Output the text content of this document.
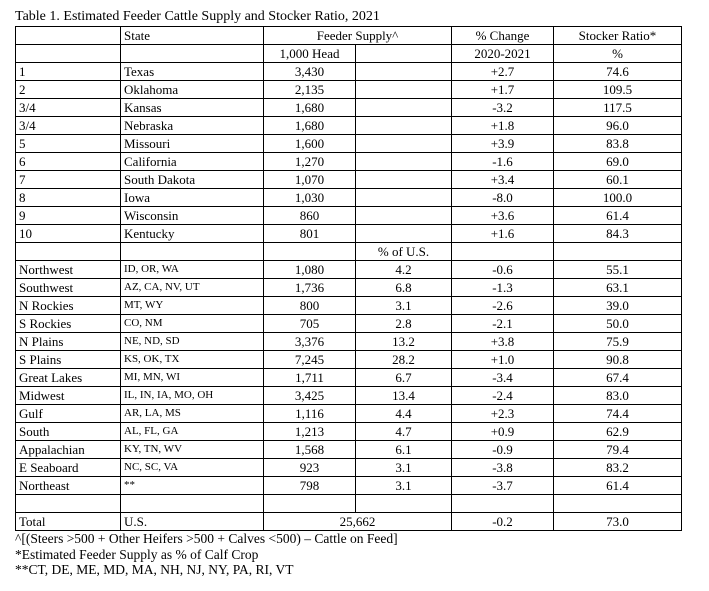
Table 1. Estimated Feeder Cattle Supply and Stocker Ratio, 2021
	State	Feeder Supply^		% Change	Stocker Ratio*
		1,000 Head		2020-2021	%
1	Texas	3,430		+2.7	74.6
2	Oklahoma	2,135		+1.7	109.5
3/4	Kansas	1,680		-3.2	117.5
3/4	Nebraska	1,680		+1.8	96.0
5	Missouri	1,600		+3.9	83.8
6	California	1,270		-1.6	69.0
7	South Dakota	1,070		+3.4	60.1
8	Iowa	1,030		-8.0	100.0
9	Wisconsin	860		+3.6	61.4
10	Kentucky	801		+1.6	84.3
			% of U.S.		
Northwest	ID, OR, WA	1,080	4.2	-0.6	55.1
Southwest	AZ, CA, NV, UT	1,736	6.8	-1.3	63.1
N Rockies	MT, WY	800	3.1	-2.6	39.0
S Rockies	CO, NM	705	2.8	-2.1	50.0
N Plains	NE, ND, SD	3,376	13.2	+3.8	75.9
S Plains	KS, OK, TX	7,245	28.2	+1.0	90.8
Great Lakes	MI, MN, WI	1,711	6.7	-3.4	67.4
Midwest	IL, IN, IA, MO, OH	3,425	13.4	-2.4	83.0
Gulf	AR, LA, MS	1,116	4.4	+2.3	74.4
South	AL, FL, GA	1,213	4.7	+0.9	62.9
Appalachian	KY, TN, WV	1,568	6.1	-0.9	79.4
E Seaboard	NC, SC, VA	923	3.1	-3.8	83.2
Northeast	**	798	3.1	-3.7	61.4

Total	U.S.	25,662		-0.2	73.0
^[(Steers >500 + Other Heifers >500 + Calves <500) – Cattle on Feed]
*Estimated Feeder Supply as % of Calf Crop
**CT, DE, ME, MD, MA, NH, NJ, NY, PA, RI, VT
